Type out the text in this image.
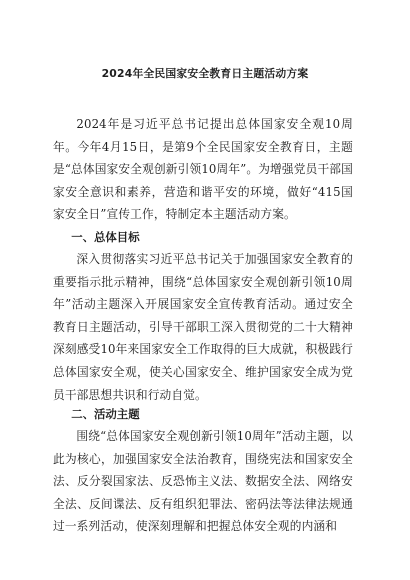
2024年全民国家安全教育日主题活动方案

2024年是习近平总书记提出总体国家安全观10周年。今年4月15日，是第9个全民国家安全教育日，主题是“总体国家安全观创新引领10周年”。为增强党员干部国家安全意识和素养，营造和谐平安的环境，做好“415国家安全日”宣传工作，特制定本主题活动方案。

一、总体目标

深入贯彻落实习近平总书记关于加强国家安全教育的重要指示批示精神，围绕“总体国家安全观创新引领10周年”活动主题深入开展国家安全宣传教育活动。通过安全教育日主题活动，引导干部职工深入贯彻党的二十大精神深刻感受10年来国家安全工作取得的巨大成就，积极践行总体国家安全观，使关心国家安全、维护国家安全成为党员干部思想共识和行动自觉。

二、活动主题

围绕“总体国家安全观创新引领10周年”活动主题，以此为核心，加强国家安全法治教育，围绕宪法和国家安全法、反分裂国家法、反恐怖主义法、数据安全法、网络安全法、反间谍法、反有组织犯罪法、密码法等法律法规通过一系列活动，使深刻理解和把握总体安全观的内涵和
